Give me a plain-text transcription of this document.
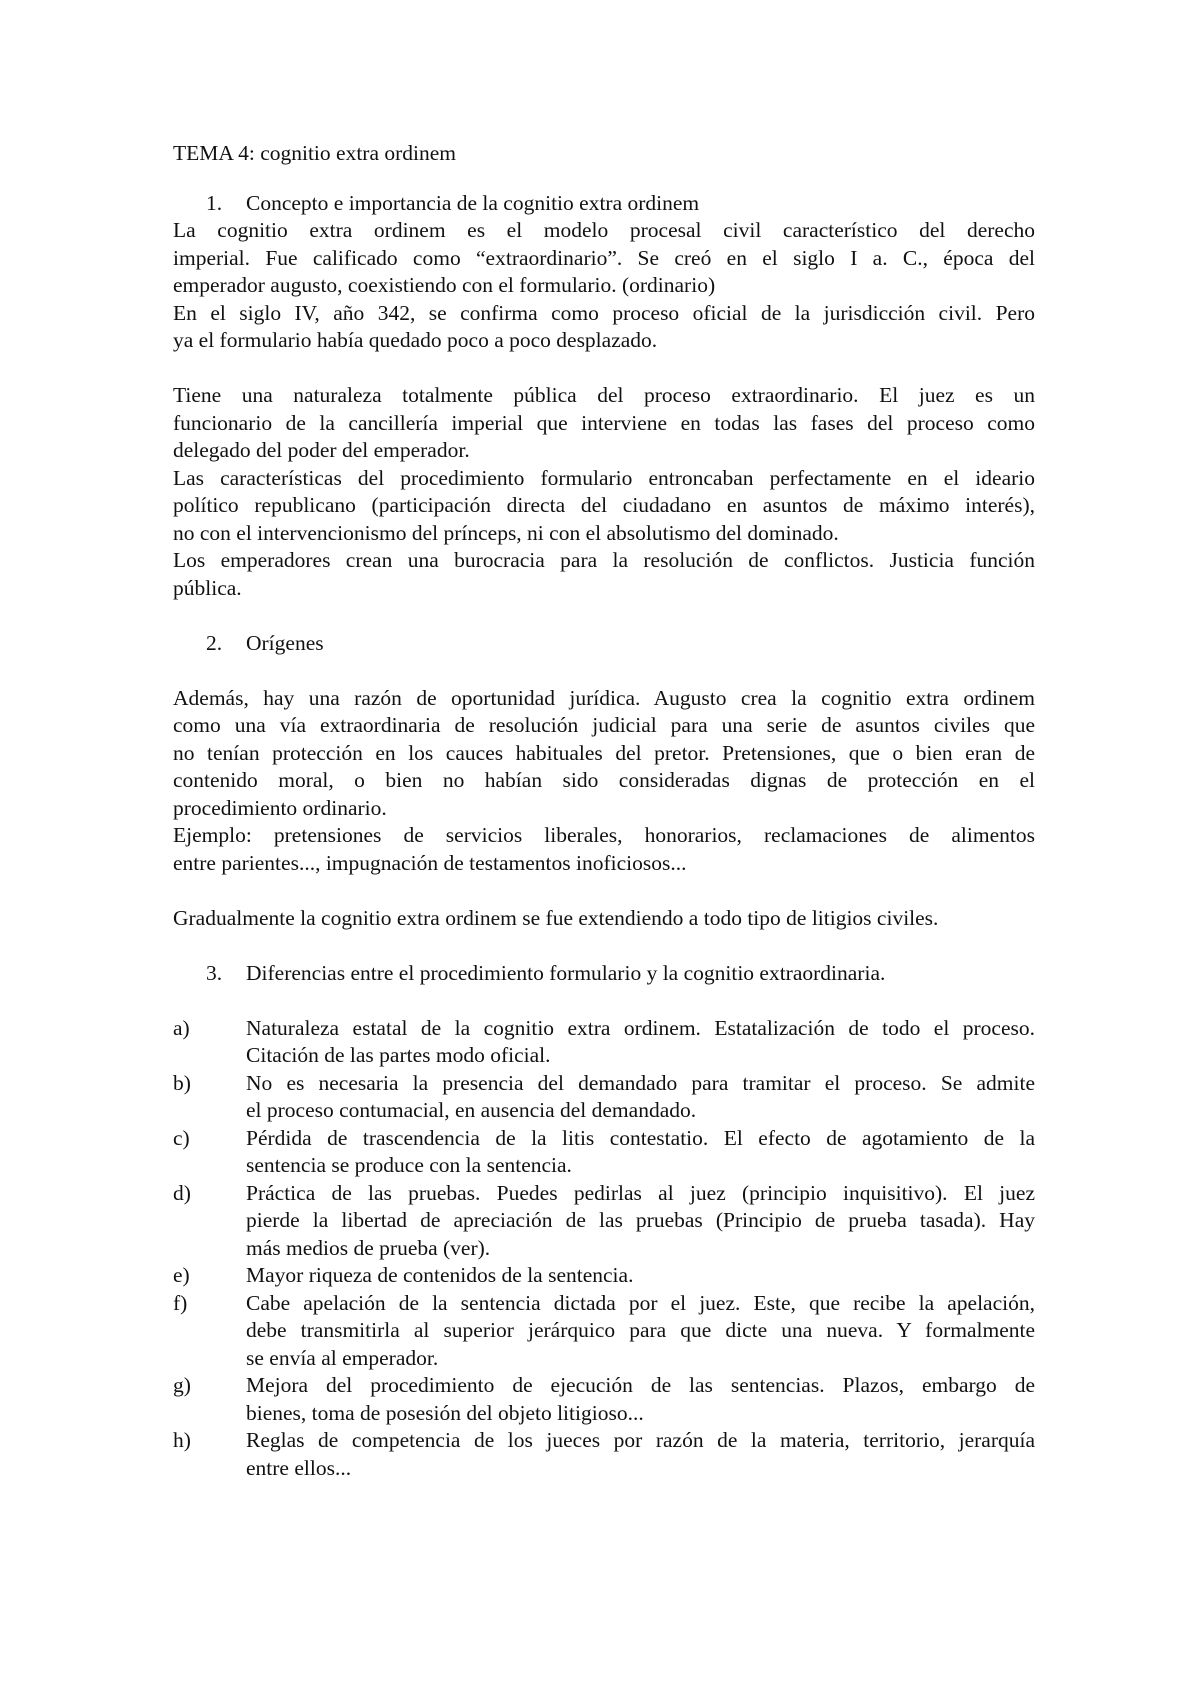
TEMA 4: cognitio extra ordinem
1. Concepto e importancia de la cognitio extra ordinem
La cognitio extra ordinem es el modelo procesal civil característico del derecho
imperial. Fue calificado como “extraordinario”. Se creó en el siglo I a. C., época del
emperador augusto, coexistiendo con el formulario. (ordinario)
En el siglo IV, año 342, se confirma como proceso oficial de la jurisdicción civil. Pero
ya el formulario había quedado poco a poco desplazado.
Tiene una naturaleza totalmente pública del proceso extraordinario. El juez es un
funcionario de la cancillería imperial que interviene en todas las fases del proceso como
delegado del poder del emperador.
Las características del procedimiento formulario entroncaban perfectamente en el ideario
político republicano (participación directa del ciudadano en asuntos de máximo interés),
no con el intervencionismo del prínceps, ni con el absolutismo del dominado.
Los emperadores crean una burocracia para la resolución de conflictos. Justicia función
pública.
2. Orígenes
Además, hay una razón de oportunidad jurídica. Augusto crea la cognitio extra ordinem
como una vía extraordinaria de resolución judicial para una serie de asuntos civiles que
no tenían protección en los cauces habituales del pretor. Pretensiones, que o bien eran de
contenido moral, o bien no habían sido consideradas dignas de protección en el
procedimiento ordinario.
Ejemplo: pretensiones de servicios liberales, honorarios, reclamaciones de alimentos
entre parientes..., impugnación de testamentos inoficiosos...
Gradualmente la cognitio extra ordinem se fue extendiendo a todo tipo de litigios civiles.
3. Diferencias entre el procedimiento formulario y la cognitio extraordinaria.
a)	Naturaleza estatal de la cognitio extra ordinem. Estatalización de todo el proceso.
Citación de las partes modo oficial.
b)	No es necesaria la presencia del demandado para tramitar el proceso. Se admite
el proceso contumacial, en ausencia del demandado.
c)	Pérdida de trascendencia de la litis contestatio. El efecto de agotamiento de la
sentencia se produce con la sentencia.
d)	Práctica de las pruebas. Puedes pedirlas al juez (principio inquisitivo). El juez
pierde la libertad de apreciación de las pruebas (Principio de prueba tasada). Hay
más medios de prueba (ver).
e)	Mayor riqueza de contenidos de la sentencia.
f)	Cabe apelación de la sentencia dictada por el juez. Este, que recibe la apelación,
debe transmitirla al superior jerárquico para que dicte una nueva. Y formalmente
se envía al emperador.
g)	Mejora del procedimiento de ejecución de las sentencias. Plazos, embargo de
bienes, toma de posesión del objeto litigioso...
h)	Reglas de competencia de los jueces por razón de la materia, territorio, jerarquía
entre ellos...
